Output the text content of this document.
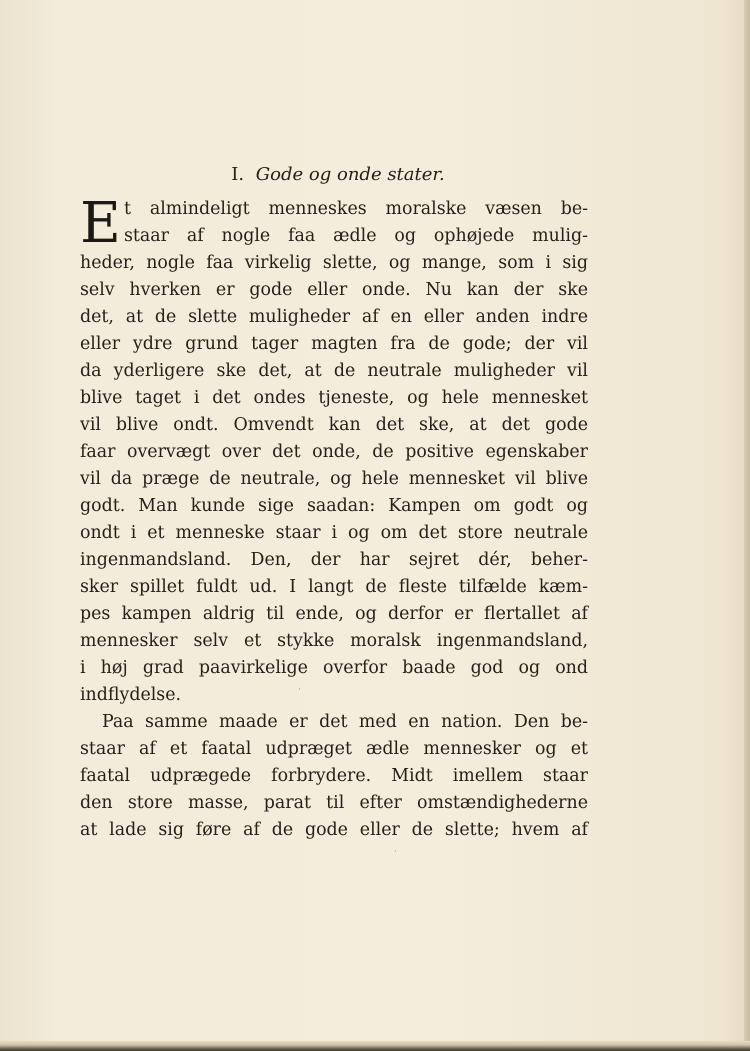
I. Gode og onde stater.
E t almindeligt menneskes moralske væsen be-
staar af nogle faa ædle og ophøjede mulig-
heder, nogle faa virkelig slette, og mange, som i sig
selv hverken er gode eller onde. Nu kan der ske
det, at de slette muligheder af en eller anden indre
eller ydre grund tager magten fra de gode; der vil
da yderligere ske det, at de neutrale muligheder vil
blive taget i det ondes tjeneste, og hele mennesket
vil blive ondt. Omvendt kan det ske, at det gode
faar overvægt over det onde, de positive egenskaber
vil da præge de neutrale, og hele mennesket vil blive
godt. Man kunde sige saadan: Kampen om godt og
ondt i et menneske staar i og om det store neutrale
ingenmandsland. Den, der har sejret dér, beher-
sker spillet fuldt ud. I langt de fleste tilfælde kæm-
pes kampen aldrig til ende, og derfor er flertallet af
mennesker selv et stykke moralsk ingenmandsland,
i høj grad paavirkelige overfor baade god og ond
indflydelse.
Paa samme maade er det med en nation. Den be-
staar af et faatal udpræget ædle mennesker og et
faatal udprægede forbrydere. Midt imellem staar
den store masse, parat til efter omstændighederne
at lade sig føre af de gode eller de slette; hvem af
·
·
